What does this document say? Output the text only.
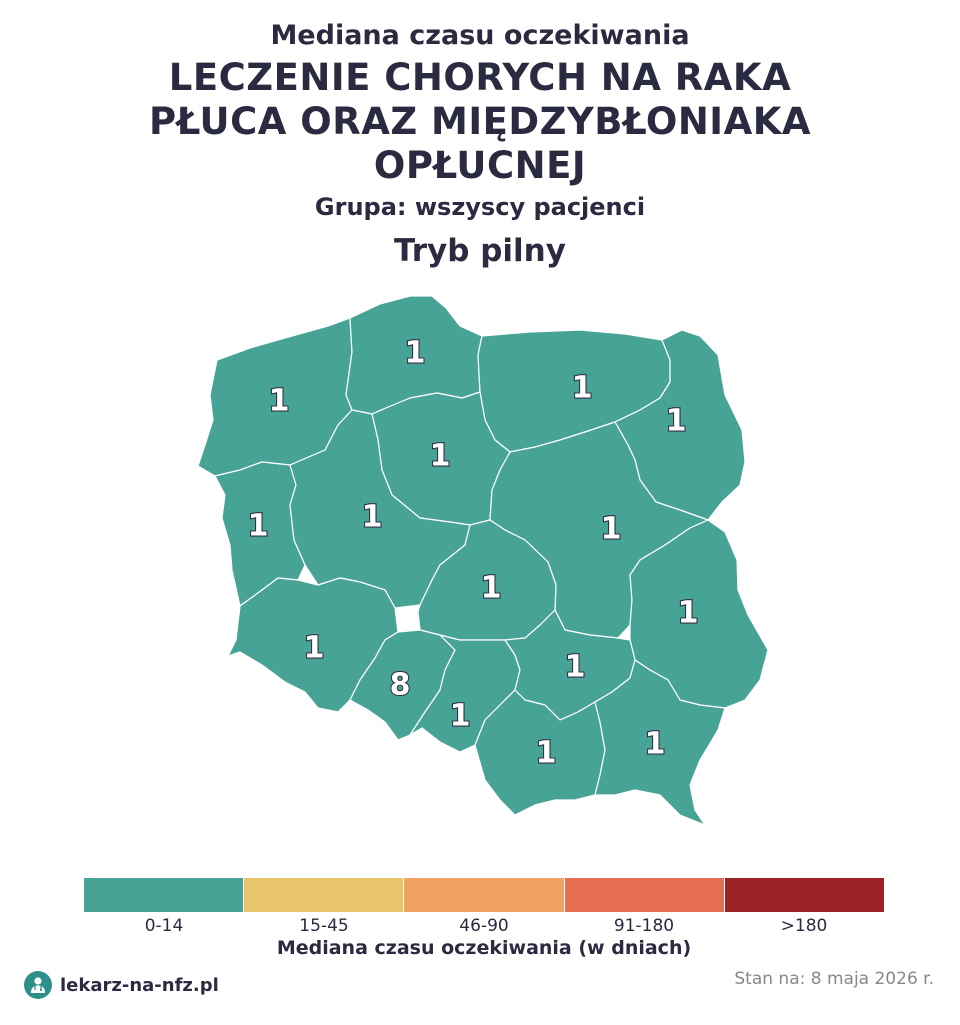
Mediana czasu oczekiwania
LECZENIE CHORYCH NA RAKA
PŁUCA ORAZ MIĘDZYBŁONIAKA
OPŁUCNEJ
Grupa: wszyscy pacjenci
Tryb pilny
1
1
1
1
1
1	1	1
1
1
1
8
1
1
1	1
0-14	15-45	46-90	91-180	>180
Mediana czasu oczekiwania (w dniach)
lekarz-na-nfz.pl	Stan na: 8 maja 2026 r.
